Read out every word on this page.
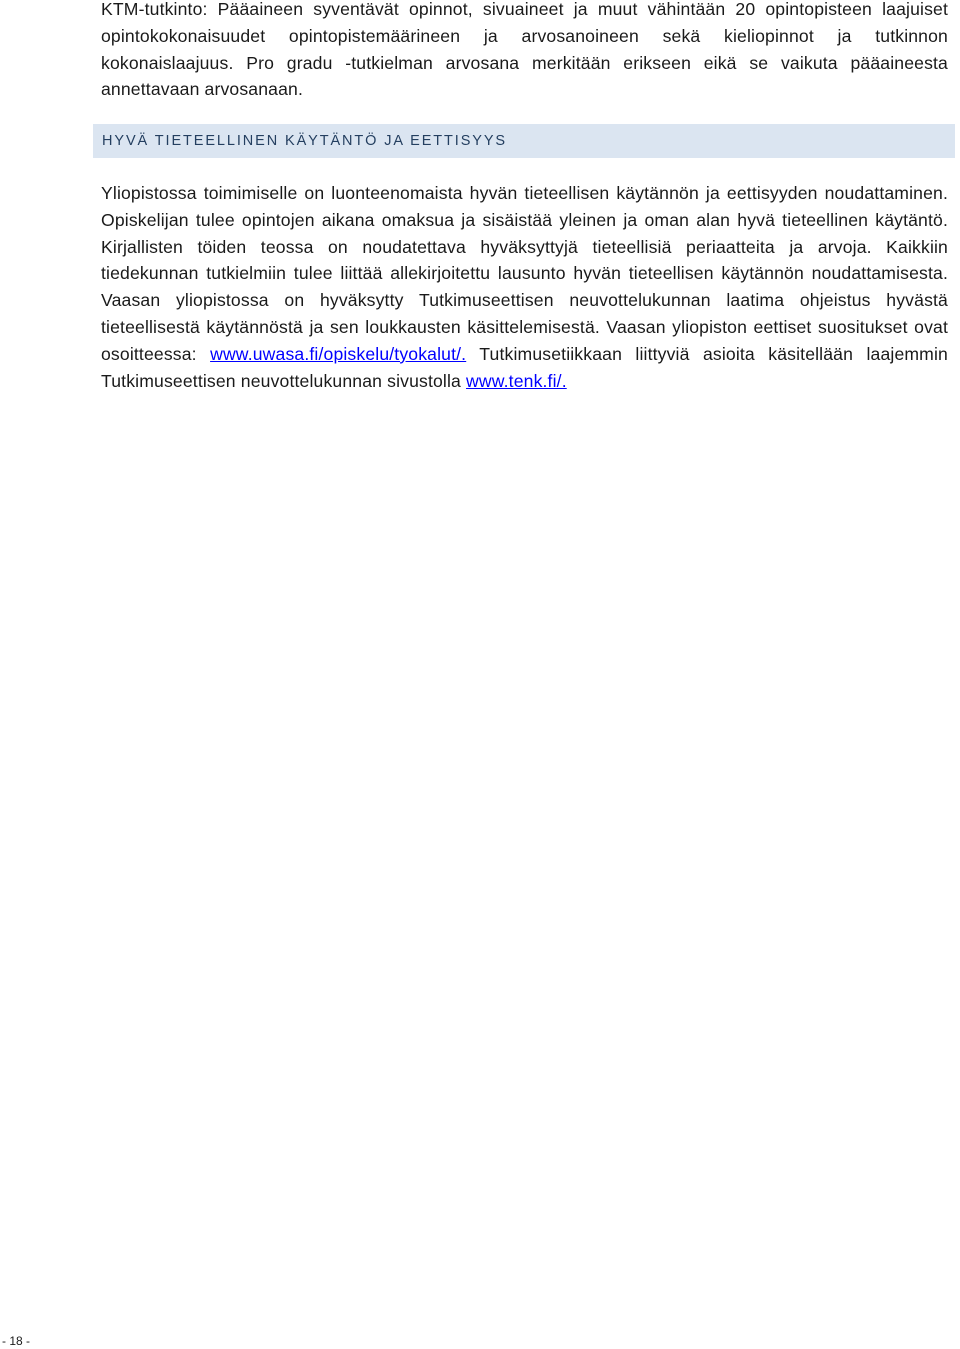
KTM-tutkinto: Pääaineen syventävät opinnot, sivuaineet ja muut vähintään 20 opintopisteen laajuiset opintokokonaisuudet opintopistemäärineen ja arvosanoineen sekä kieliopinnot ja tutkinnon kokonaislaajuus. Pro gradu -tutkielman arvosana merkitään erikseen eikä se vaikuta pääaineesta annettavaan arvosanaan.

Yliopistossa toimimiselle on luonteenomaista hyvän tieteellisen käytännön ja eettisyyden noudattaminen. Opiskelijan tulee opintojen aikana omaksua ja sisäistää yleinen ja oman alan hyvä tieteellinen käytäntö. Kirjallisten töiden teossa on noudatettava hyväksyttyjä tieteellisiä periaatteita ja arvoja. Kaikkiin tiedekunnan tutkielmiin tulee liittää allekirjoitettu lausunto hyvän tieteellisen käytännön noudattamisesta. Vaasan yliopistossa on hyväksytty Tutkimuseettisen neuvottelukunnan laatima ohjeistus hyvästä tieteellisestä käytännöstä ja sen loukkausten käsittelemisestä. Vaasan yliopiston eettiset suositukset ovat osoitteessa: www.uwasa.fi/opiskelu/tyokalut/. Tutkimusetiikkaan liittyviä asioita käsitellään laajemmin Tutkimuseettisen neuvottelukunnan sivustolla www.tenk.fi/.

HYVÄ TIETEELLINEN KÄYTÄNTÖ JA EETTISYYS
- 18 -
